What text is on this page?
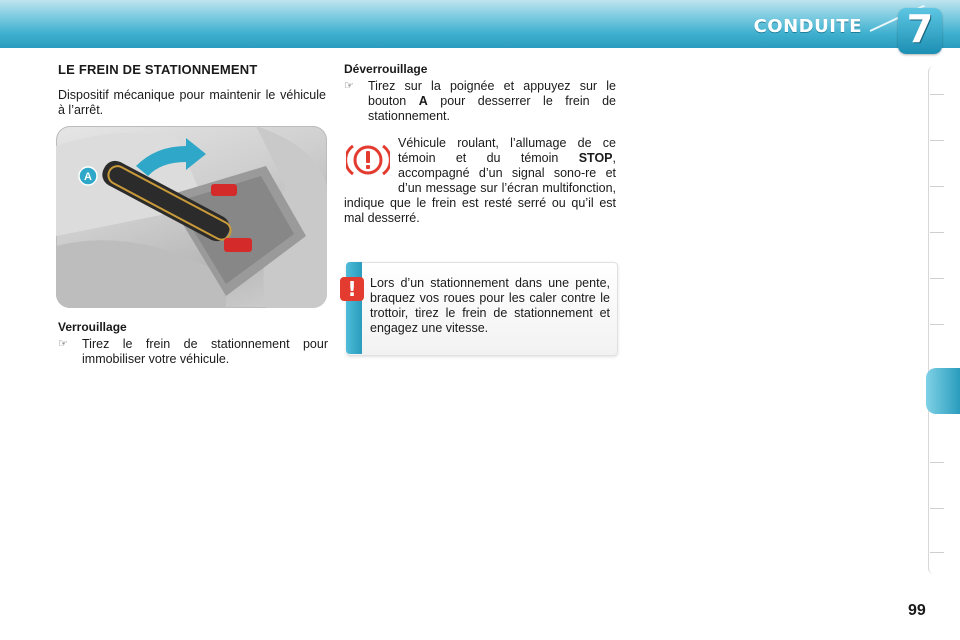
CONDUITE 7
LE FREIN DE STATIONNEMENT
Dispositif mécanique pour maintenir le véhicule à l’arrêt.
A
Verrouillage
☞ Tirez le frein de stationnement pour immobiliser votre véhicule.
Déverrouillage
☞ Tirez sur la poignée et appuyez sur le bouton A pour desserrer le frein de stationnement.
Véhicule roulant, l’allumage de ce témoin et du témoin STOP, accompagné d’un signal sono-re et d’un message sur l’écran multifonction, indique que le frein est resté serré ou qu’il est mal desserré.
!	Lors d’un stationnement dans une pente, braquez vos roues pour les caler contre le trottoir, tirez le frein de stationnement et engagez une vitesse.
99
